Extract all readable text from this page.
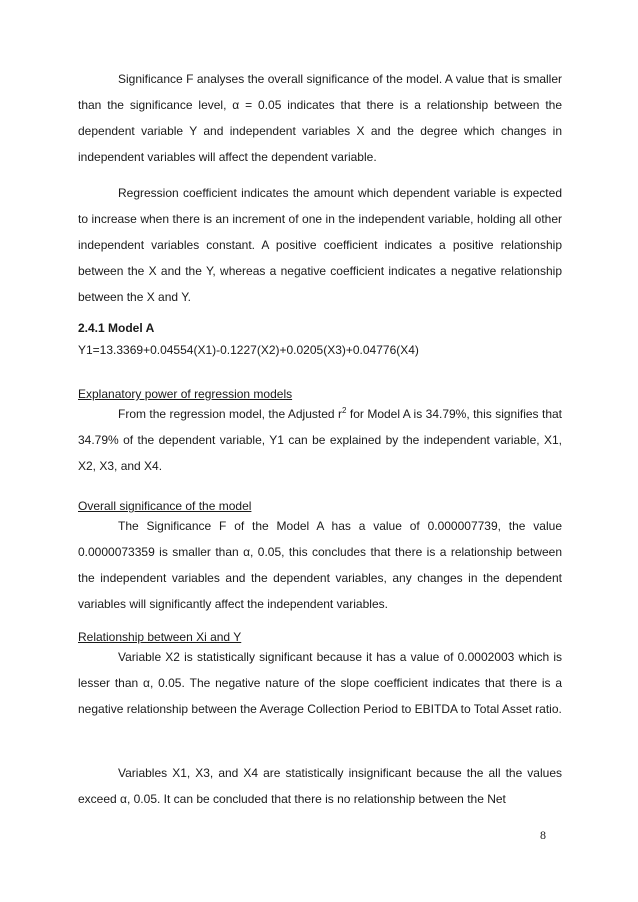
Significance F analyses the overall significance of the model. A value that is smaller than the significance level, α = 0.05 indicates that there is a relationship between the dependent variable Y and independent variables X and the degree which changes in independent variables will affect the dependent variable.

Regression coefficient indicates the amount which dependent variable is expected to increase when there is an increment of one in the independent variable, holding all other independent variables constant. A positive coefficient indicates a positive relationship between the X and the Y, whereas a negative coefficient indicates a negative relationship between the X and Y.

2.4.1 Model A

Y1=13.3369+0.04554(X1)-0.1227(X2)+0.0205(X3)+0.04776(X4)

Explanatory power of regression models

From the regression model, the Adjusted $r^2$ for Model A is 34.79%, this signifies that 34.79% of the dependent variable, Y1 can be explained by the independent variable, X1, X2, X3, and X4.

Overall significance of the model

The Significance F of the Model A has a value of 0.000007739, the value 0.0000073359 is smaller than α, 0.05, this concludes that there is a relationship between the independent variables and the dependent variables, any changes in the dependent variables will significantly affect the independent variables.

Relationship between Xi and Y

Variable X2 is statistically significant because it has a value of 0.0002003 which is lesser than α, 0.05. The negative nature of the slope coefficient indicates that there is a negative relationship between the Average Collection Period to EBITDA to Total Asset ratio.

Variables X1, X3, and X4 are statistically insignificant because the all the values exceed α, 0.05. It can be concluded that there is no relationship between the Net

8
